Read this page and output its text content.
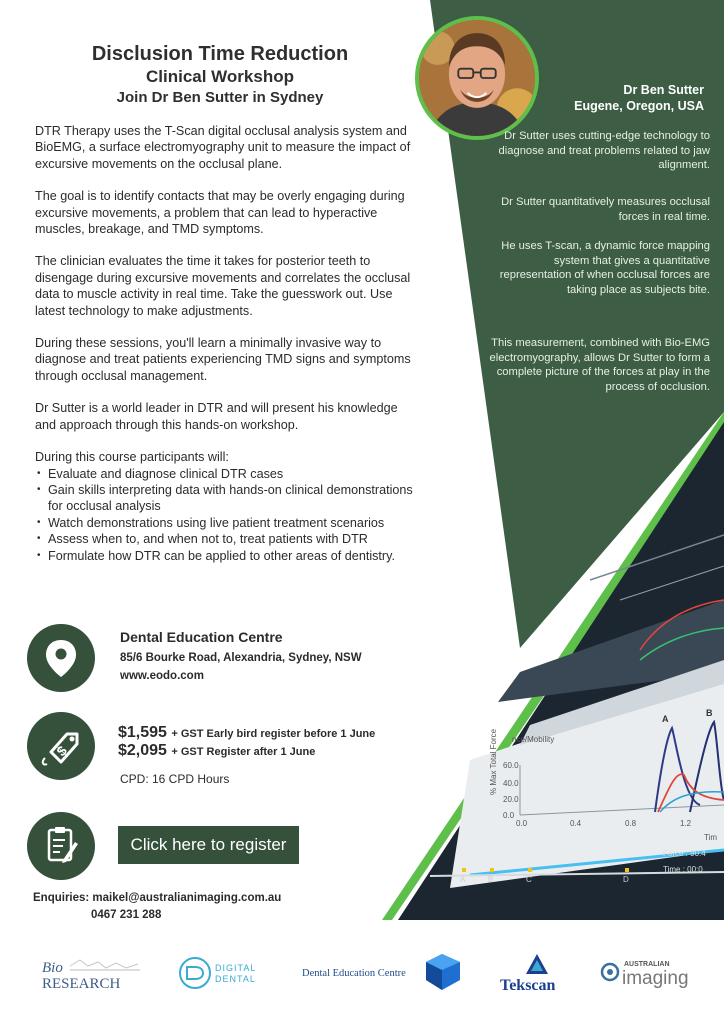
nce/Mobility
% Max Total Force 60.0
40.0
20.0
0.0
0.0	0.4	0.8	1.2
Tim
A
B
Force : 90.4
Time : 00:0
A	B	C	D
Disclusion Time Reduction
Clinical Workshop
Join Dr Ben Sutter in Sydney

DTR Therapy uses the T-Scan digital occlusal analysis system and BioEMG, a surface electromyography unit to measure the impact of excursive movements on the occlusal plane.

The goal is to identify contacts that may be overly engaging during excursive movements, a problem that can lead to hyperactive muscles, breakage, and TMD symptoms.

The clinician evaluates the time it takes for posterior teeth to disengage during excursive movements and correlates the occlusal data to muscle activity in real time. Take the guesswork out. Use latest technology to make adjustments.

During these sessions, you'll learn a minimally invasive way to diagnose and treat patients experiencing TMD signs and symptoms through occlusal management.

Dr Sutter is a world leader in DTR and will present his knowledge and approach through this hands-on workshop.

During this course participants will:

• Evaluate and diagnose clinical DTR cases
• Gain skills interpreting data with hands-on clinical demonstrations for occlusal analysis
• Watch demonstrations using live patient treatment scenarios
• Assess when to, and when not to, treat patients with DTR
• Formulate how DTR can be applied to other areas of dentistry.
Dr Ben Sutter
Eugene, Oregon, USA
Dr Sutter uses cutting-edge technology to diagnose and treat problems related to jaw alignment.
Dr Sutter quantitatively measures occlusal forces in real time.
He uses T-scan, a dynamic force mapping system that gives a quantitative representation of when occlusal forces are taking place as subjects bite.
This measurement, combined with Bio-EMG electromyography, allows Dr Sutter to form a complete picture of the forces at play in the process of occlusion.
Dental Education Centre
85/6 Bourke Road, Alexandria, Sydney, NSW
www.eodo.com
$
$1,595 + GST Early bird register before 1 June
$2,095 + GST Register after 1 June
CPD: 16 CPD Hours
Click here to register
Enquiries: maikel@australianimaging.com.au
0467 231 288
Bio
RESEARCH
DIGITAL
DENTAL	Dental Education Centre
Tekscan
AUSTRALIAN
imaging
